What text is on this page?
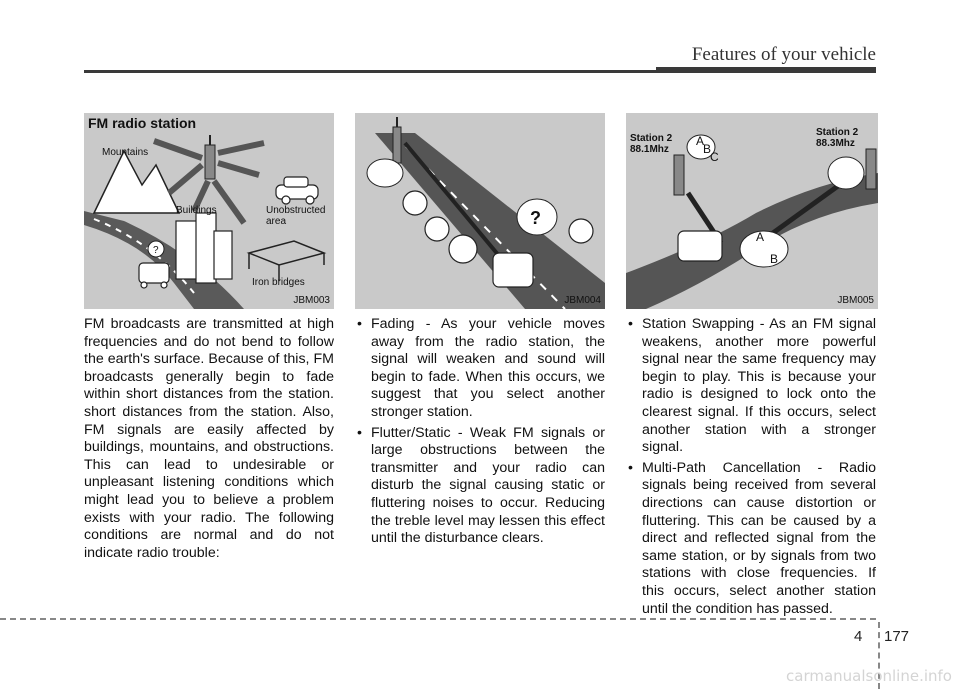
Features of your vehicle
?
Mountains
Buildings	Unobstructed
area
Iron bridges
FM radio station
JBM003
?
JBM004
Station 2
88.1Mhz
Station 2
88.3Mhz
A
B
C
A
B
JBM005

FM broadcasts are transmitted at high frequencies and do not bend to follow the earth's surface. Because of this, FM broadcasts generally begin to fade within short distances from the station. short distances from the station. Also, FM signals are easily affected by buildings, mountains, and obstructions. This can lead to undesirable or unpleasant listening conditions which might lead you to believe a problem exists with your radio. The following conditions are normal and do not indicate radio trouble:

• Fading - As your vehicle moves away from the radio station, the signal will weaken and sound will begin to fade. When this occurs, we suggest that you select another stronger station.
• Flutter/Static - Weak FM signals or large obstructions between the transmitter and your radio can disturb the signal causing static or fluttering noises to occur. Reducing the treble level may lessen this effect until the disturbance clears.
• Station Swapping - As an FM signal weakens, another more powerful signal near the same frequency may begin to play. This is because your radio is designed to lock onto the clearest signal. If this occurs, select another station with a stronger signal.
• Multi-Path Cancellation - Radio signals being received from several directions can cause distortion or fluttering. This can be caused by a direct and reflected signal from the same station, or by signals from two stations with close frequencies. If this occurs, select another station until the condition has passed.
4 177
carmanualsonline.info
